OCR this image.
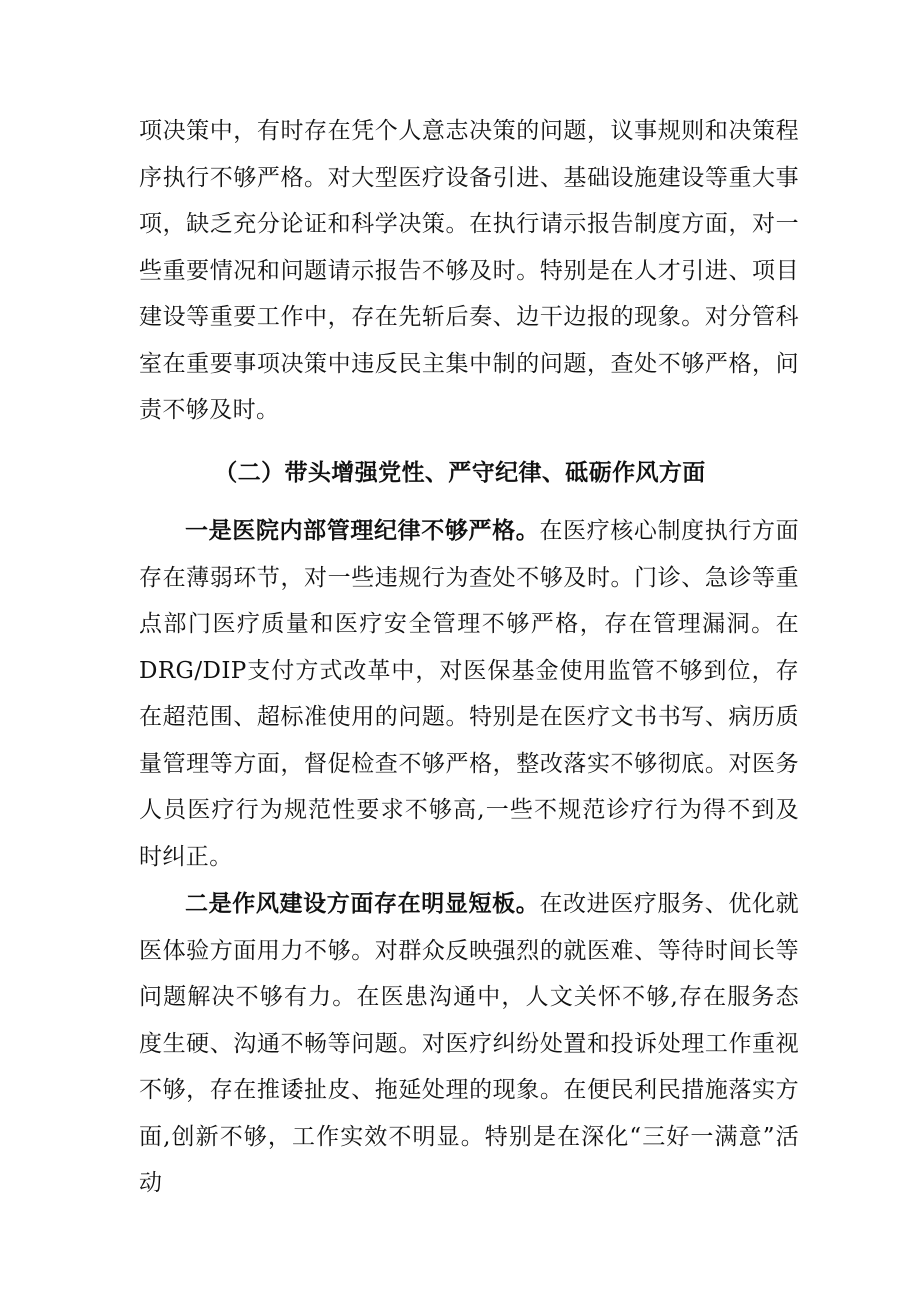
项决策中，有时存在凭个人意志决策的问题，议事规则和决策程序执行不够严格。对大型医疗设备引进、基础设施建设等重大事项，缺乏充分论证和科学决策。在执行请示报告制度方面，对一些重要情况和问题请示报告不够及时。特别是在人才引进、项目建设等重要工作中，存在先斩后奏、边干边报的现象。对分管科室在重要事项决策中违反民主集中制的问题，查处不够严格，问责不够及时。

（二）带头增强党性、严守纪律、砥砺作风方面

一是医院内部管理纪律不够严格。在医疗核心制度执行方面存在薄弱环节，对一些违规行为查处不够及时。门诊、急诊等重点部门医疗质量和医疗安全管理不够严格，存在管理漏洞。在DRG/DIP支付方式改革中，对医保基金使用监管不够到位，存在超范围、超标准使用的问题。特别是在医疗文书书写、病历质量管理等方面，督促检查不够严格，整改落实不够彻底。对医务人员医疗行为规范性要求不够高,一些不规范诊疗行为得不到及时纠正。

二是作风建设方面存在明显短板。在改进医疗服务、优化就医体验方面用力不够。对群众反映强烈的就医难、等待时间长等问题解决不够有力。在医患沟通中，人文关怀不够,存在服务态度生硬、沟通不畅等问题。对医疗纠纷处置和投诉处理工作重视不够，存在推诿扯皮、拖延处理的现象。在便民利民措施落实方面,创新不够，工作实效不明显。特别是在深化“三好一满意”活动
